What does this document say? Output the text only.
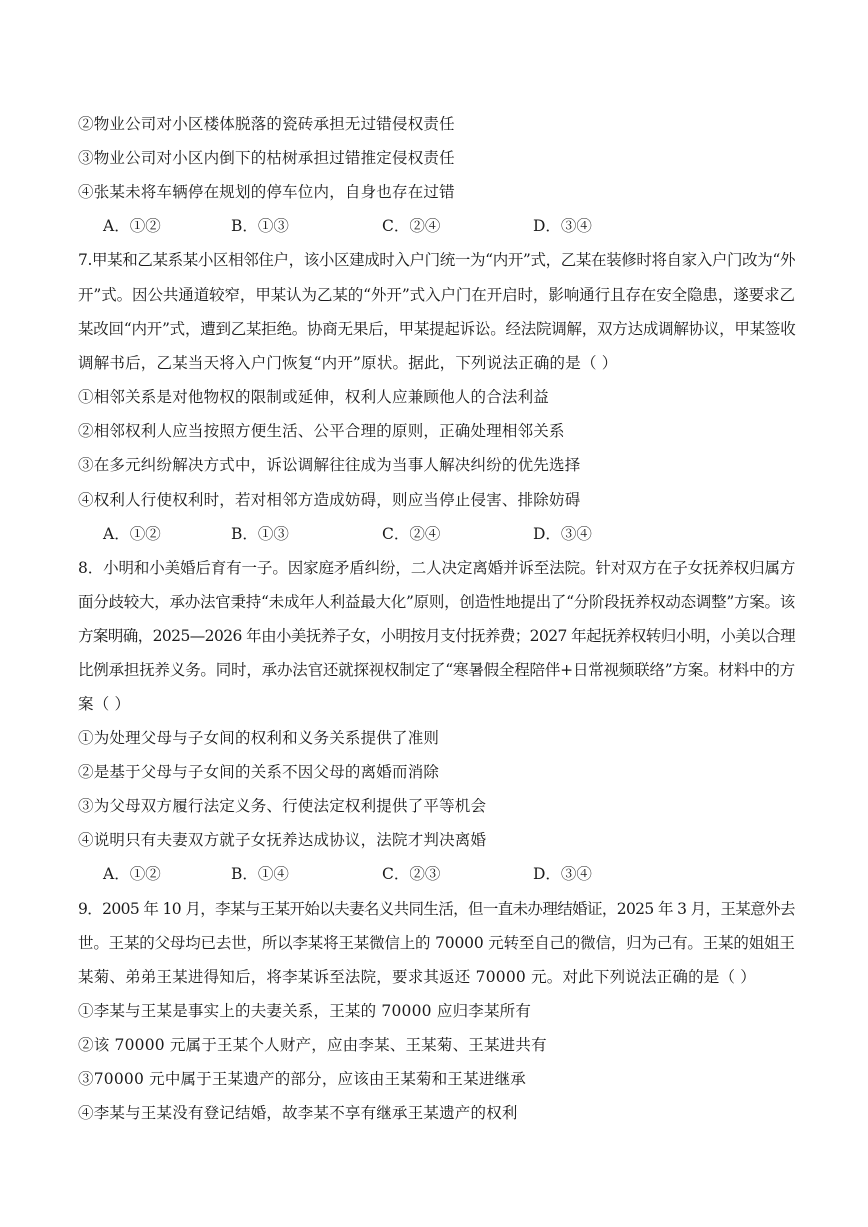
②物业公司对小区楼体脱落的瓷砖承担无过错侵权责任
③物业公司对小区内倒下的枯树承担过错推定侵权责任
④张某未将车辆停在规划的停车位内，自身也存在过错
A．①②	B．①③	C．②④	D．③④
7.甲某和乙某系某小区相邻住户，该小区建成时入户门统一为“内开”式，乙某在装修时将自家入户门改为“外
开”式。因公共通道较窄，甲某认为乙某的“外开”式入户门在开启时，影响通行且存在安全隐患，遂要求乙
某改回“内开”式，遭到乙某拒绝。协商无果后，甲某提起诉讼。经法院调解，双方达成调解协议，甲某签收
调解书后，乙某当天将入户门恢复“内开”原状。据此，下列说法正确的是（ ）
①相邻关系是对他物权的限制或延伸，权利人应兼顾他人的合法利益
②相邻权利人应当按照方便生活、公平合理的原则，正确处理相邻关系
③在多元纠纷解决方式中，诉讼调解往往成为当事人解决纠纷的优先选择
④权利人行使权利时，若对相邻方造成妨碍，则应当停止侵害、排除妨碍
A．①②	B．①③	C．②④	D．③④
8．小明和小美婚后育有一子。因家庭矛盾纠纷，二人决定离婚并诉至法院。针对双方在子女抚养权归属方
面分歧较大，承办法官秉持“未成年人利益最大化”原则，创造性地提出了“分阶段抚养权动态调整”方案。该
方案明确，2025—2026 年由小美抚养子女，小明按月支付抚养费；2027 年起抚养权转归小明，小美以合理
比例承担抚养义务。同时，承办法官还就探视权制定了“寒暑假全程陪伴+日常视频联络”方案。材料中的方
案（ ）
①为处理父母与子女间的权利和义务关系提供了准则
②是基于父母与子女间的关系不因父母的离婚而消除
③为父母双方履行法定义务、行使法定权利提供了平等机会
④说明只有夫妻双方就子女抚养达成协议，法院才判决离婚
A．①②	B．①④	C．②③	D．③④
9．2005 年 10 月，李某与王某开始以夫妻名义共同生活，但一直未办理结婚证，2025 年 3 月，王某意外去
世。王某的父母均已去世，所以李某将王某微信上的 70000 元转至自己的微信，归为己有。王某的姐姐王
某菊、弟弟王某进得知后，将李某诉至法院，要求其返还 70000 元。对此下列说法正确的是（ ）
①李某与王某是事实上的夫妻关系，王某的 70000 应归李某所有
②该 70000 元属于王某个人财产，应由李某、王某菊、王某进共有
③70000 元中属于王某遗产的部分，应该由王某菊和王某进继承
④李某与王某没有登记结婚，故李某不享有继承王某遗产的权利
